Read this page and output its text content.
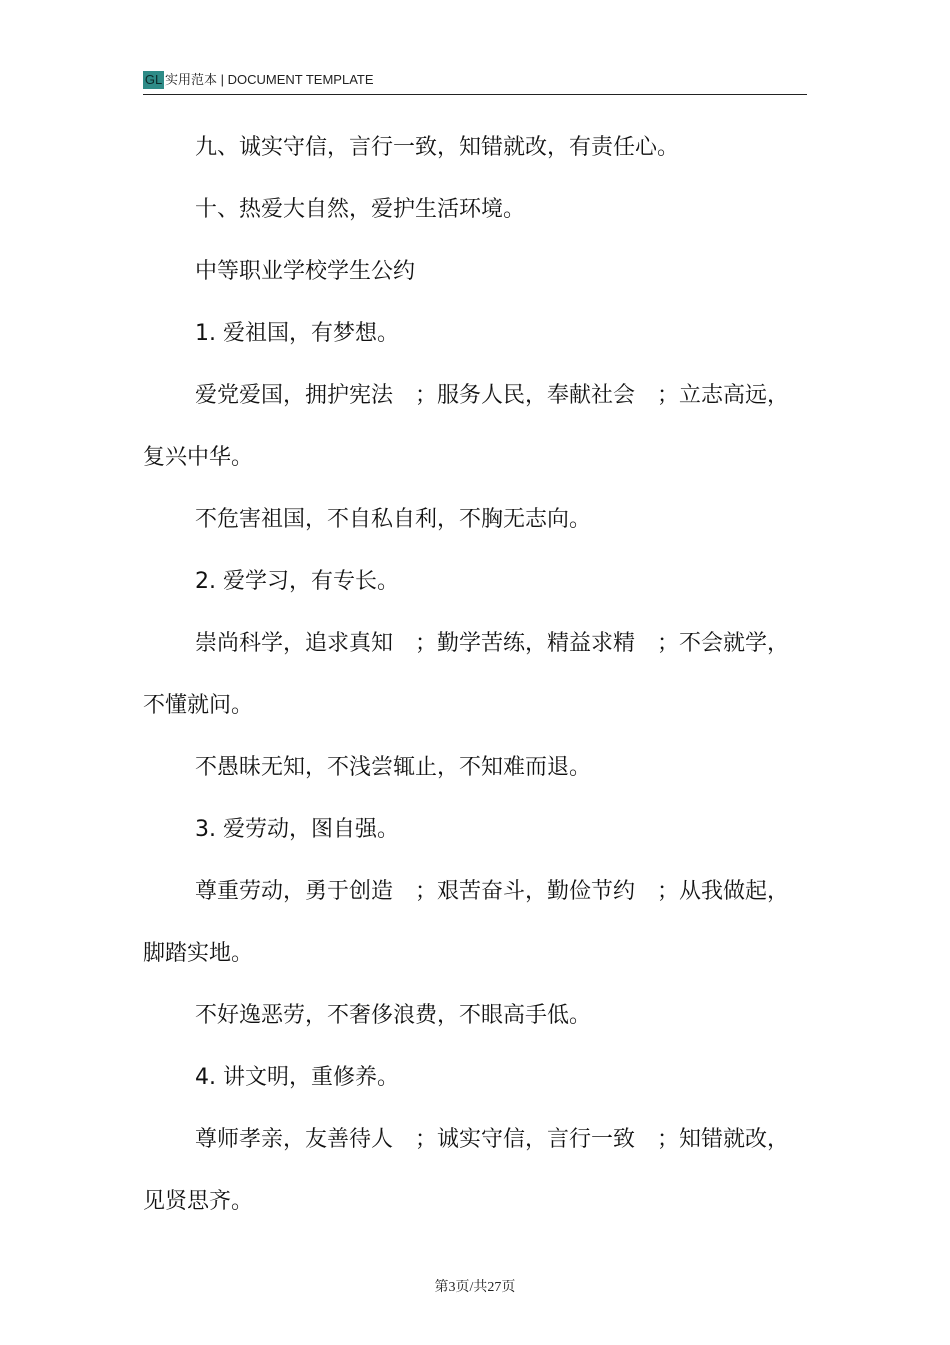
GL 实用范本 | DOCUMENT TEMPLATE
九、诚实守信，言行一致，知错就改，有责任心。
十、热爱大自然，爱护生活环境。
中等职业学校学生公约
1. 爱祖国，有梦想。
爱党爱国，拥护宪法　；服务人民，奉献社会　；立志高远，
复兴中华。
不危害祖国，不自私自利，不胸无志向。
2. 爱学习，有专长。
崇尚科学，追求真知　；勤学苦练，精益求精　；不会就学，
不懂就问。
不愚昧无知，不浅尝辄止，不知难而退。
3. 爱劳动，图自强。
尊重劳动，勇于创造　；艰苦奋斗，勤俭节约　；从我做起，
脚踏实地。
不好逸恶劳，不奢侈浪费，不眼高手低。
4. 讲文明，重修养。
尊师孝亲，友善待人　；诚实守信，言行一致　；知错就改，
见贤思齐。
第3页/共27页
